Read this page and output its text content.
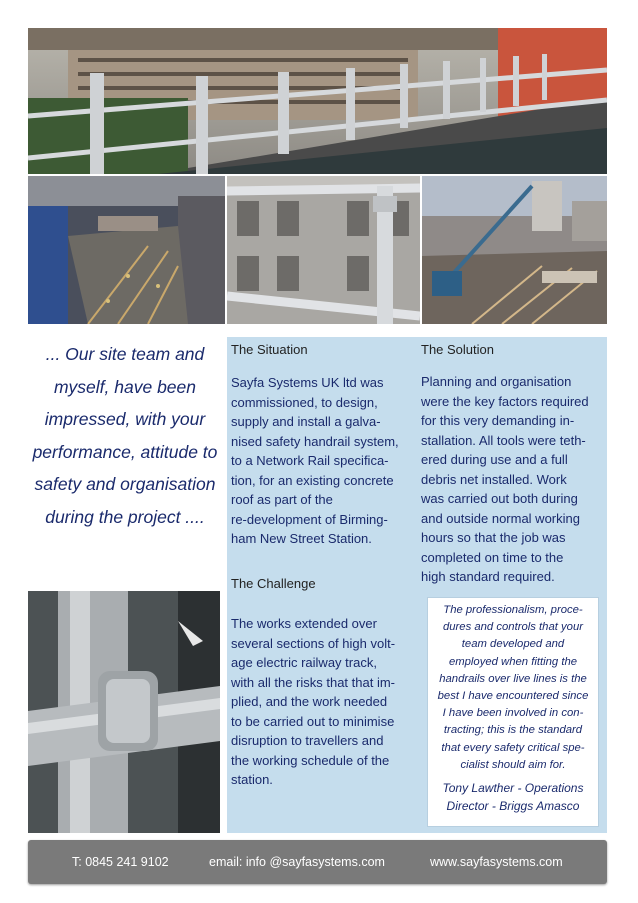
... Our site team and myself, have been impressed, with your performance, attitude to safety and organisation during the project ....

The Situation
Sayfa Systems UK ltd was
commissioned, to design,
supply and install a galva-
nised safety handrail system,
to a Network Rail specifica-
tion, for an existing concrete
roof as part of the
re-development of Birming-
ham New Street Station.
The Challenge
The works extended over
several sections of high volt-
age electric railway track,
with all the risks that that im-
plied, and the work needed
to be carried out to minimise
disruption to travellers and
the working schedule of the
station.
The Solution
Planning and organisation
were the key factors required
for this very demanding in-
stallation. All tools were teth-
ered during use and a full
debris net installed. Work
was carried out both during
and outside normal working
hours so that the job was
completed on time to the
high standard required.
The professionalism, proce-
dures and controls that your
team developed and
employed when fitting the
handrails over live lines is the
best I have encountered since
I have been involved in con-
tracting; this is the standard
that every safety critical spe-
cialist should aim for.
Tony Lawther - Operations
Director - Briggs Amasco
T: 0845 241 9102	email: info @sayfasystems.com	www.sayfasystems.com
